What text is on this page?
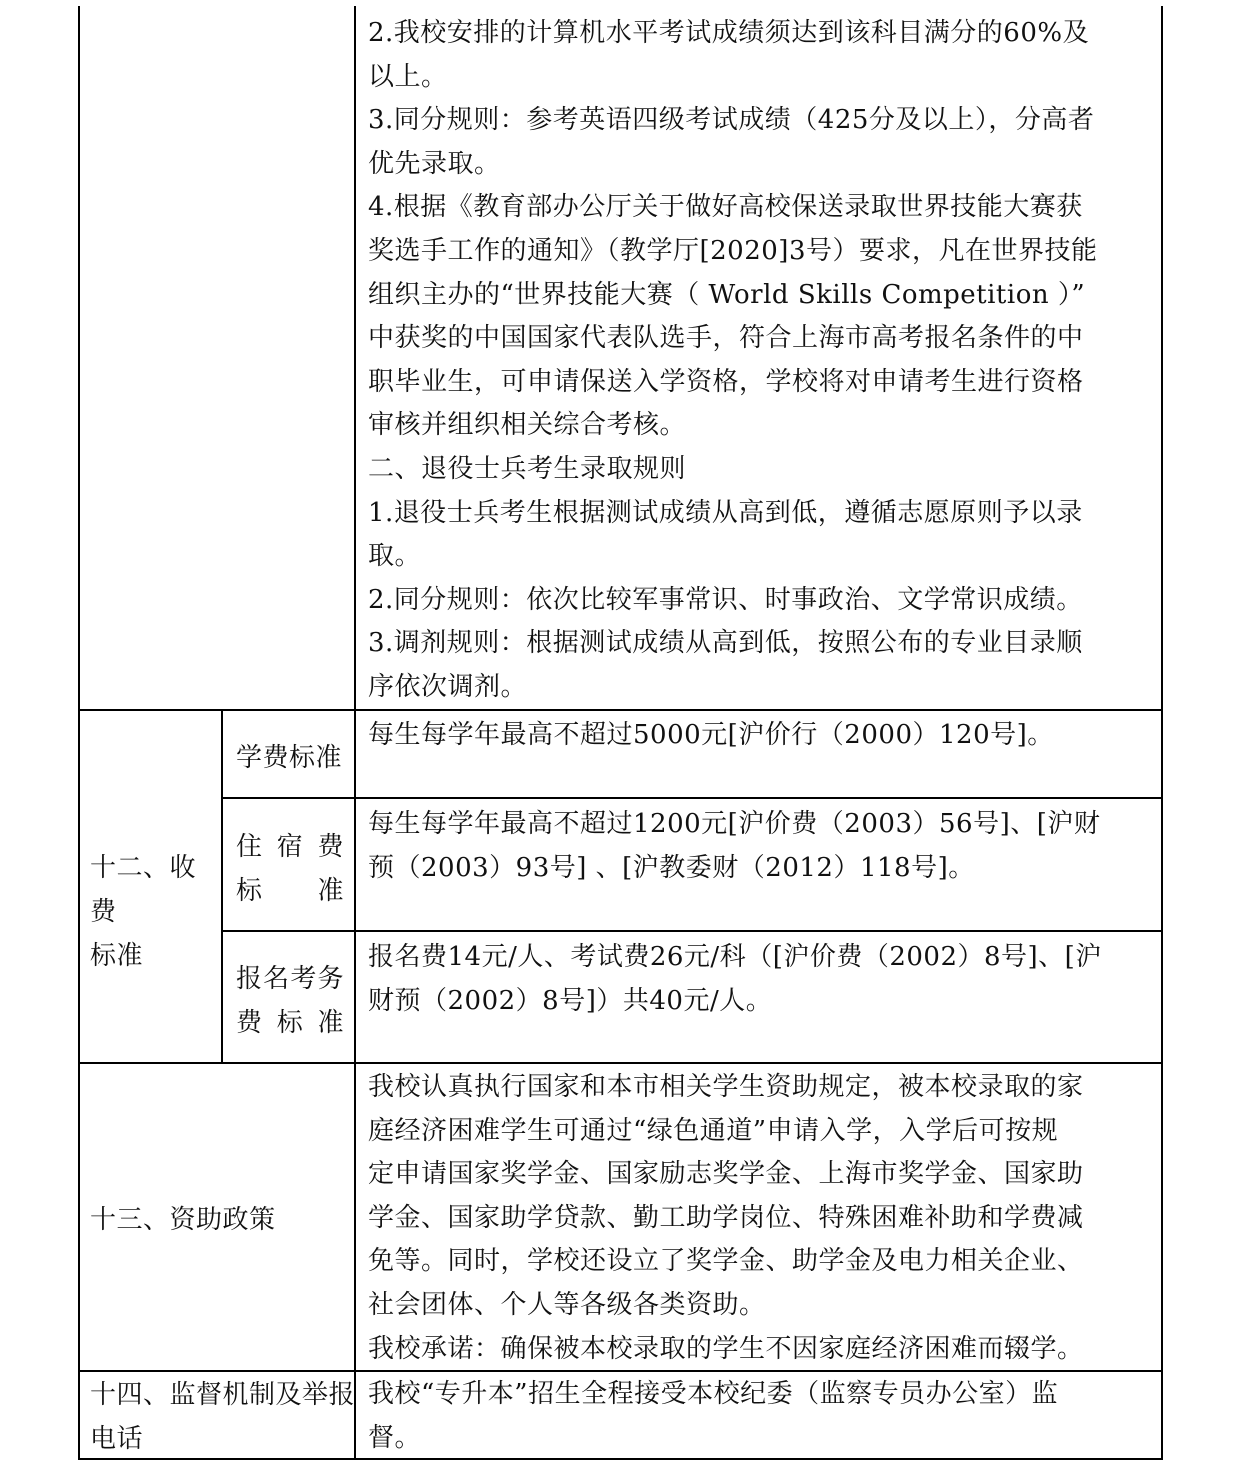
2.我校安排的计算机水平考试成绩须达到该科目满分的60%及

以上。

3.同分规则：参考英语四级考试成绩（425分及以上），分高者

优先录取。

4.根据《教育部办公厅关于做好高校保送录取世界技能大赛获

奖选手工作的通知》（教学厅[2020]3号）要求，凡在世界技能

组织主办的“世界技能大赛（ World Skills Competition ）”

中获奖的中国国家代表队选手，符合上海市高考报名条件的中

职毕业生，可申请保送入学资格，学校将对申请考生进行资格

审核并组织相关综合考核。

二、退役士兵考生录取规则

1.退役士兵考生根据测试成绩从高到低，遵循志愿原则予以录

取。

2.同分规则：依次比较军事常识、时事政治、文学常识成绩。

3.调剂规则：根据测试成绩从高到低，按照公布的专业目录顺

序依次调剂。

十二、收费

标准

学费标准

每生每学年最高不超过5000元[沪价行（2000）120号]。

住 宿 费
标 准

每生每学年最高不超过1200元[沪价费（2003）56号]、[沪财

预（2003）93号] 、[沪教委财（2012）118号]。

报 名 考 务
费 标 准

报名费14元/人、考试费26元/科（[沪价费（2002）8号]、[沪

财预（2002）8号]）共40元/人。

十三、资助政策

我校认真执行国家和本市相关学生资助规定，被本校录取的家

庭经济困难学生可通过“绿色通道”申请入学，入学后可按规

定申请国家奖学金、国家励志奖学金、上海市奖学金、国家助

学金、国家助学贷款、勤工助学岗位、特殊困难补助和学费减

免等。同时，学校还设立了奖学金、助学金及电力相关企业、

社会团体、个人等各级各类资助。

我校承诺：确保被本校录取的学生不因家庭经济困难而辍学。

十四、监督机制及举报

电话

我校“专升本”招生全程接受本校纪委（监察专员办公室）监

督。
